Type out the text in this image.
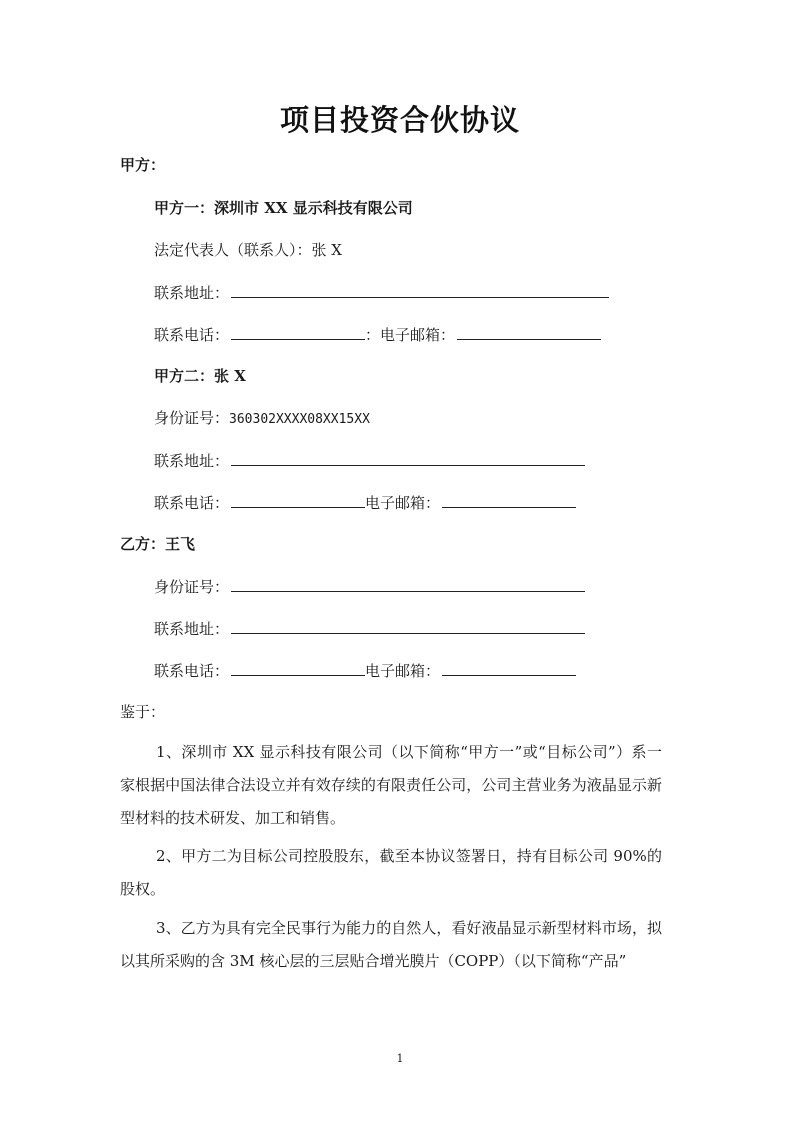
项目投资合伙协议
甲方：
甲方一：深圳市 XX 显示科技有限公司
法定代表人（联系人）：张 X
联系地址：
联系电话：	：电子邮箱：
甲方二：张 X
身份证号：360302XXXX08XX15XX
联系地址：
联系电话：	电子邮箱：
乙方：王飞
身份证号：
联系地址：
联系电话：	电子邮箱：
鉴于：
1、深圳市 XX 显示科技有限公司（以下简称“甲方一”或“目标公司”）系一家根据中国法律合法设立并有效存续的有限责任公司，公司主营业务为液晶显示新型材料的技术研发、加工和销售。
2、甲方二为目标公司控股股东，截至本协议签署日，持有目标公司 90%的股权。
3、乙方为具有完全民事行为能力的自然人，看好液晶显示新型材料市场，拟以其所采购的含 3M 核心层的三层贴合增光膜片（COPP）（以下简称“产品”
1
